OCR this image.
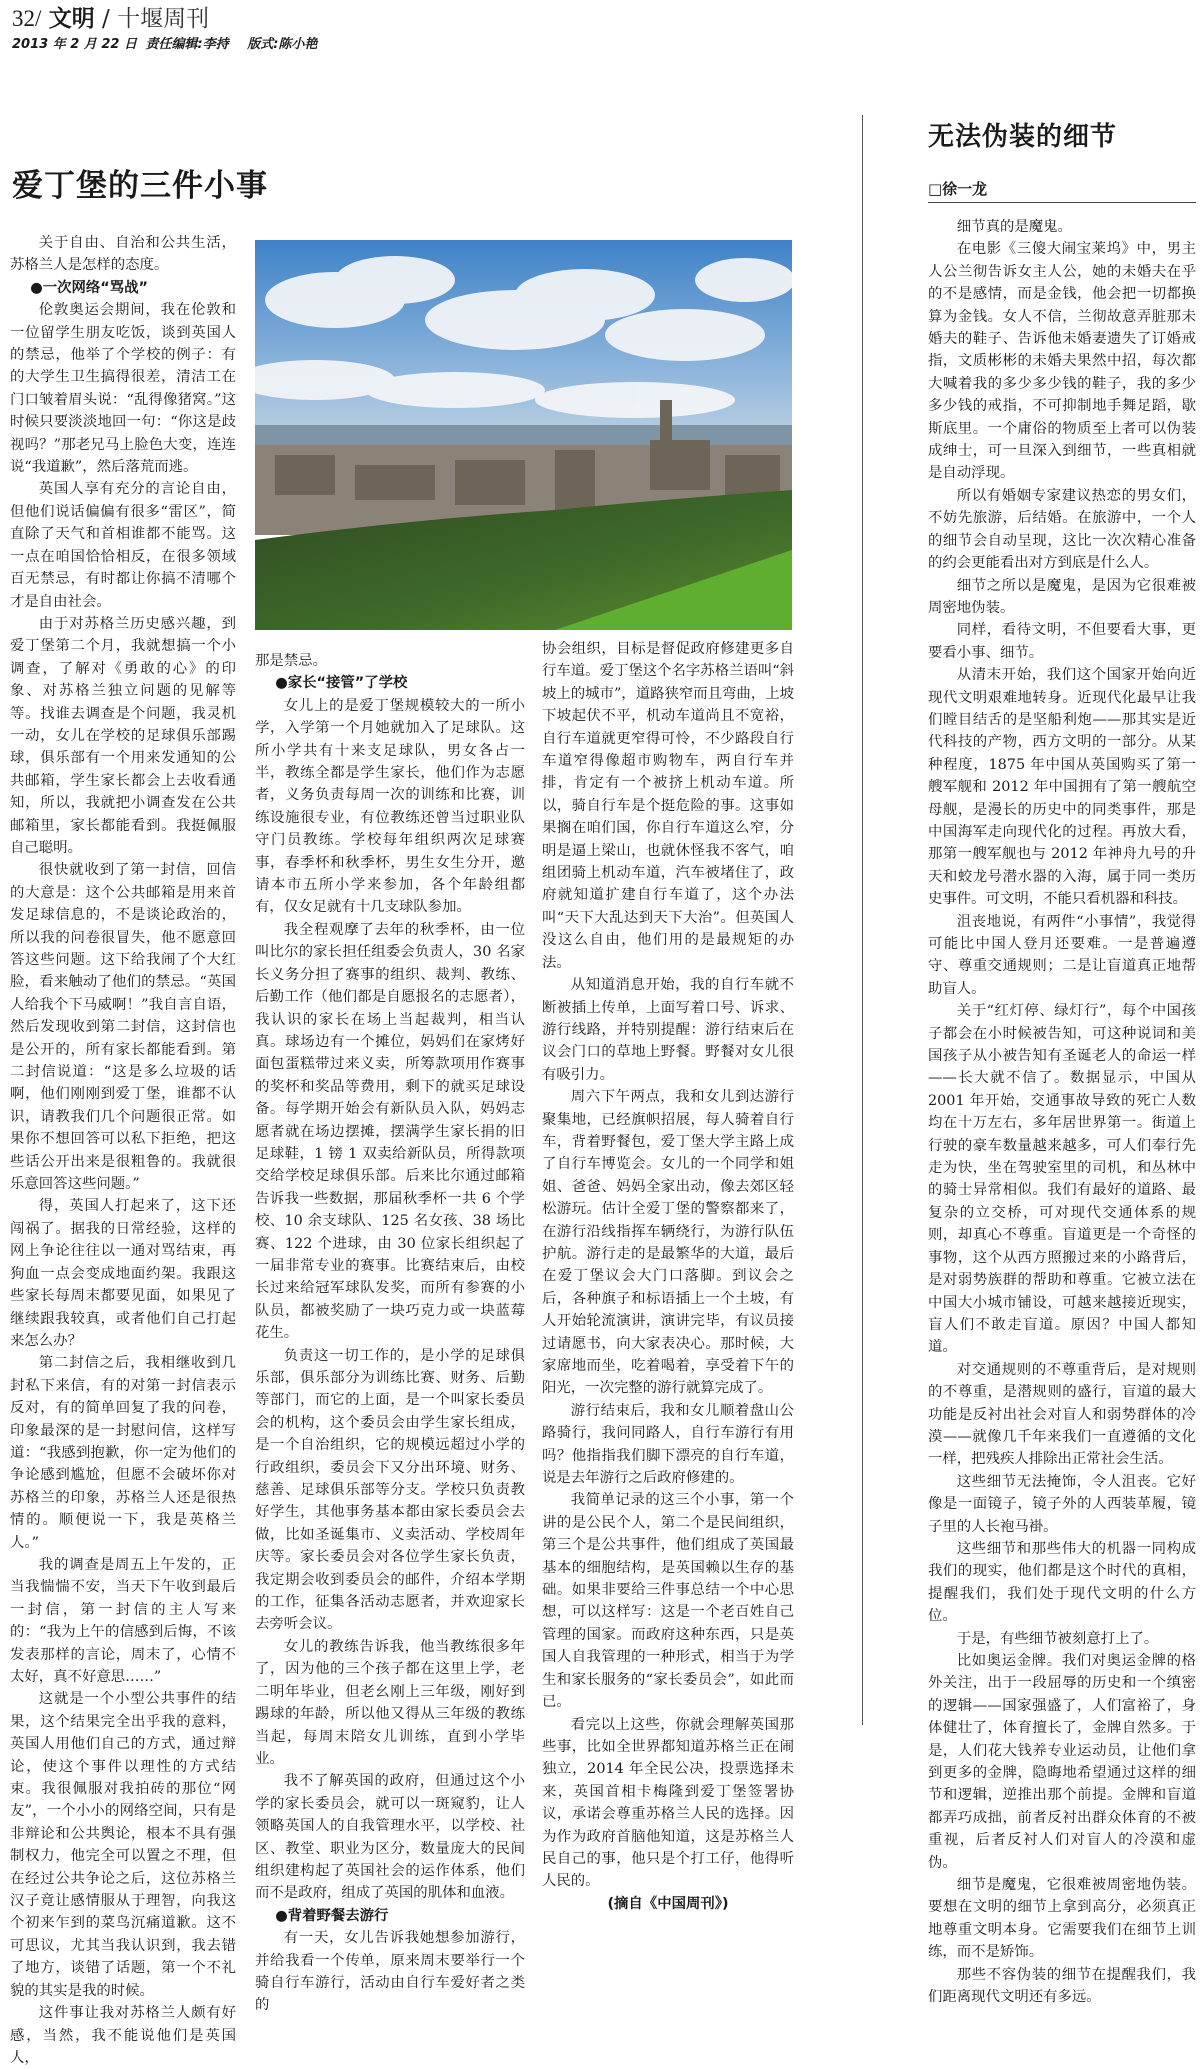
32/ 文明 / 十堰周刊
2013 年 2 月 22 日 责任编辑:李持 版式:陈小艳
爱丁堡的三件小事

关于自由、自治和公共生活，苏格兰人是怎样的态度。

●一次网络“骂战”

伦敦奥运会期间，我在伦敦和一位留学生朋友吃饭，谈到英国人的禁忌，他举了个学校的例子：有的大学生卫生搞得很差，清洁工在门口皱着眉头说：“乱得像猪窝。”这时候只要淡淡地回一句：“你这是歧视吗？”那老兄马上脸色大变，连连说“我道歉”，然后落荒而逃。

英国人享有充分的言论自由，但他们说话偏偏有很多“雷区”，简直除了天气和首相谁都不能骂。这一点在咱国恰恰相反，在很多领域百无禁忌，有时都让你搞不清哪个才是自由社会。

由于对苏格兰历史感兴趣，到爱丁堡第二个月，我就想搞一个小调查，了解对《勇敢的心》的印象、对苏格兰独立问题的见解等等。找谁去调查是个问题，我灵机一动，女儿在学校的足球俱乐部踢球，俱乐部有一个用来发通知的公共邮箱，学生家长都会上去收看通知，所以，我就把小调查发在公共邮箱里，家长都能看到。我挺佩服自己聪明。

很快就收到了第一封信，回信的大意是：这个公共邮箱是用来首发足球信息的，不是谈论政治的，所以我的问卷很冒失，他不愿意回答这些问题。这下给我闹了个大红脸，看来触动了他们的禁忌。“英国人给我个下马威啊！”我自言自语，然后发现收到第二封信，这封信也是公开的，所有家长都能看到。第二封信说道：“这是多么垃圾的话啊，他们刚刚到爱丁堡，谁都不认识，请教我们几个问题很正常。如果你不想回答可以私下拒绝，把这些话公开出来是很粗鲁的。我就很乐意回答这些问题。”

得，英国人打起来了，这下还闯祸了。据我的日常经验，这样的网上争论往往以一通对骂结束，再狗血一点会变成地面约架。我跟这些家长每周末都要见面，如果见了继续跟我较真，或者他们自己打起来怎么办？

第二封信之后，我相继收到几封私下来信，有的对第一封信表示反对，有的简单回复了我的问卷，印象最深的是一封慰问信，这样写道：“我感到抱歉，你一定为他们的争论感到尴尬，但愿不会破坏你对苏格兰的印象，苏格兰人还是很热情的。顺便说一下，我是英格兰人。”

我的调查是周五上午发的，正当我惴惴不安，当天下午收到最后一封信，第一封信的主人写来的：“我为上午的信感到后悔，不该发表那样的言论，周末了，心情不太好，真不好意思……”

这就是一个小型公共事件的结果，这个结果完全出乎我的意料，英国人用他们自己的方式，通过辩论，使这个事件以理性的方式结束。我很佩服对我拍砖的那位“网友”，一个小小的网络空间，只有是非辩论和公共舆论，根本不具有强制权力，他完全可以置之不理，但在经过公共争论之后，这位苏格兰汉子竟让感情服从于理智，向我这个初来乍到的菜鸟沉痛道歉。这不可思议，尤其当我认识到，我去错了地方，谈错了话题，第一个不礼貌的其实是我的时候。

这件事让我对苏格兰人颇有好感，当然，我不能说他们是英国人，

那是禁忌。

●家长“接管”了学校

女儿上的是爱丁堡规模较大的一所小学，入学第一个月她就加入了足球队。这所小学共有十来支足球队，男女各占一半，教练全都是学生家长，他们作为志愿者，义务负责每周一次的训练和比赛，训练设施很专业，有位教练还曾当过职业队守门员教练。学校每年组织两次足球赛事，春季杯和秋季杯，男生女生分开，邀请本市五所小学来参加，各个年龄组都有，仅女足就有十几支球队参加。

我全程观摩了去年的秋季杯，由一位叫比尔的家长担任组委会负责人，30 名家长义务分担了赛事的组织、裁判、教练、后勤工作（他们都是自愿报名的志愿者），我认识的家长在场上当起裁判，相当认真。球场边有一个摊位，妈妈们在家烤好面包蛋糕带过来义卖，所筹款项用作赛事的奖杯和奖品等费用，剩下的就买足球设备。每学期开始会有新队员入队，妈妈志愿者就在场边摆摊，摆满学生家长捐的旧足球鞋，1 镑 1 双卖给新队员，所得款项交给学校足球俱乐部。后来比尔通过邮箱告诉我一些数据，那届秋季杯一共 6 个学校、10 余支球队、125 名女孩、38 场比赛、122 个进球，由 30 位家长组织起了一届非常专业的赛事。比赛结束后，由校长过来给冠军球队发奖，而所有参赛的小队员，都被奖励了一块巧克力或一块蓝莓花生。

负责这一切工作的，是小学的足球俱乐部，俱乐部分为训练比赛、财务、后勤等部门，而它的上面，是一个叫家长委员会的机构，这个委员会由学生家长组成，是一个自治组织，它的规模远超过小学的行政组织，委员会下又分出环境、财务、慈善、足球俱乐部等分支。学校只负责教好学生，其他事务基本都由家长委员会去做，比如圣诞集市、义卖活动、学校周年庆等。家长委员会对各位学生家长负责，我定期会收到委员会的邮件，介绍本学期的工作，征集各活动志愿者，并欢迎家长去旁听会议。

女儿的教练告诉我，他当教练很多年了，因为他的三个孩子都在这里上学，老二明年毕业，但老幺刚上三年级，刚好到踢球的年龄，所以他又得从三年级的教练当起，每周末陪女儿训练，直到小学毕业。

我不了解英国的政府，但通过这个小学的家长委员会，就可以一斑窥豹，让人领略英国人的自我管理水平，以学校、社区、教堂、职业为区分，数量庞大的民间组织建构起了英国社会的运作体系，他们而不是政府，组成了英国的肌体和血液。

●背着野餐去游行

有一天，女儿告诉我她想参加游行，并给我看一个传单，原来周末要举行一个骑自行车游行，活动由自行车爱好者之类的

协会组织，目标是督促政府修建更多自行车道。爱丁堡这个名字苏格兰语叫“斜坡上的城市”，道路狭窄而且弯曲，上坡下坡起伏不平，机动车道尚且不宽裕，自行车道就更窄得可怜，不少路段自行车道窄得像超市购物车，两自行车并排，肯定有一个被挤上机动车道。所以，骑自行车是个挺危险的事。这事如果搁在咱们国，你自行车道这么窄，分明是逼上梁山，也就休怪我不客气，咱组团骑上机动车道，汽车被堵住了，政府就知道扩建自行车道了，这个办法叫“天下大乱达到天下大治”。但英国人没这么自由，他们用的是最规矩的办法。

从知道消息开始，我的自行车就不断被插上传单，上面写着口号、诉求、游行线路，并特别提醒：游行结束后在议会门口的草地上野餐。野餐对女儿很有吸引力。

周六下午两点，我和女儿到达游行聚集地，已经旗帜招展，每人骑着自行车，背着野餐包，爱丁堡大学主路上成了自行车博览会。女儿的一个同学和姐姐、爸爸、妈妈全家出动，像去郊区轻松游玩。估计全爱丁堡的警察都来了，在游行沿线指挥车辆绕行，为游行队伍护航。游行走的是最繁华的大道，最后在爱丁堡议会大门口落脚。到议会之后，各种旗子和标语插上一个土坡，有人开始轮流演讲，演讲完毕，有议员接过请愿书，向大家表决心。那时候，大家席地而坐，吃着喝着，享受着下午的阳光，一次完整的游行就算完成了。

游行结束后，我和女儿顺着盘山公路骑行，我问同路人，自行车游行有用吗？他指指我们脚下漂亮的自行车道，说是去年游行之后政府修建的。

我简单记录的这三个小事，第一个讲的是公民个人，第二个是民间组织，第三个是公共事件，他们组成了英国最基本的细胞结构，是英国赖以生存的基础。如果非要给三件事总结一个中心思想，可以这样写：这是一个老百姓自己管理的国家。而政府这种东西，只是英国人自我管理的一种形式，相当于为学生和家长服务的“家长委员会”，如此而已。

看完以上这些，你就会理解英国那些事，比如全世界都知道苏格兰正在闹独立，2014 年全民公决，投票选择未来，英国首相卡梅隆到爱丁堡签署协议，承诺会尊重苏格兰人民的选择。因为作为政府首脑他知道，这是苏格兰人民自己的事，他只是个打工仔，他得听人民的。

(摘自《中国周刊》)

无法伪装的细节
□徐一龙

细节真的是魔鬼。

在电影《三傻大闹宝莱坞》中，男主人公兰彻告诉女主人公，她的未婚夫在乎的不是感情，而是金钱，他会把一切都换算为金钱。女人不信，兰彻故意弄脏那未婚夫的鞋子、告诉他未婚妻遗失了订婚戒指，文质彬彬的未婚夫果然中招，每次都大喊着我的多少多少钱的鞋子，我的多少多少钱的戒指，不可抑制地手舞足蹈，歇斯底里。一个庸俗的物质至上者可以伪装成绅士，可一旦深入到细节，一些真相就是自动浮现。

所以有婚姻专家建议热恋的男女们，不妨先旅游，后结婚。在旅游中，一个人的细节会自动呈现，这比一次次精心准备的约会更能看出对方到底是什么人。

细节之所以是魔鬼，是因为它很难被周密地伪装。

同样，看待文明，不但要看大事，更要看小事、细节。

从清末开始，我们这个国家开始向近现代文明艰难地转身。近现代化最早让我们瞠目结舌的是坚船利炮——那其实是近代科技的产物，西方文明的一部分。从某种程度，1875 年中国从英国购买了第一艘军舰和 2012 年中国拥有了第一艘航空母舰，是漫长的历史中的同类事件，那是中国海军走向现代化的过程。再放大看，那第一艘军舰也与 2012 年神舟九号的升天和蛟龙号潜水器的入海，属于同一类历史事件。可文明，不能只看机器和科技。

沮丧地说，有两件“小事情”，我觉得可能比中国人登月还要难。一是普遍遵守、尊重交通规则；二是让盲道真正地帮助盲人。

关于“红灯停、绿灯行”，每个中国孩子都会在小时候被告知，可这种说词和美国孩子从小被告知有圣诞老人的命运一样——长大就不信了。数据显示，中国从 2001 年开始，交通事故导致的死亡人数均在十万左右，多年居世界第一。街道上行驶的豪车数量越来越多，可人们奉行先走为快，坐在驾驶室里的司机，和丛林中的骑士异常相似。我们有最好的道路、最复杂的立交桥，可对现代交通体系的规则，却真心不尊重。盲道更是一个奇怪的事物，这个从西方照搬过来的小路背后，是对弱势族群的帮助和尊重。它被立法在中国大小城市铺设，可越来越接近现实，盲人们不敢走盲道。原因？中国人都知道。

对交通规则的不尊重背后，是对规则的不尊重，是潜规则的盛行，盲道的最大功能是反衬出社会对盲人和弱势群体的冷漠——就像几千年来我们一直遵循的文化一样，把残疾人排除出正常社会生活。

这些细节无法掩饰，令人沮丧。它好像是一面镜子，镜子外的人西装革履，镜子里的人长袍马褂。

这些细节和那些伟大的机器一同构成我们的现实，他们都是这个时代的真相，提醒我们，我们处于现代文明的什么方位。

于是，有些细节被刻意打上了。

比如奥运金牌。我们对奥运金牌的格外关注，出于一段屈辱的历史和一个缜密的逻辑——国家强盛了，人们富裕了，身体健壮了，体育擅长了，金牌自然多。于是，人们花大钱养专业运动员，让他们拿到更多的金牌，隐晦地希望通过这样的细节和逻辑，逆推出那个前提。金牌和盲道都弄巧成拙，前者反衬出群众体育的不被重视，后者反衬人们对盲人的冷漠和虚伪。

细节是魔鬼，它很难被周密地伪装。要想在文明的细节上拿到高分，必须真正地尊重文明本身。它需要我们在细节上训练，而不是矫饰。

那些不容伪装的细节在提醒我们，我们距离现代文明还有多远。
